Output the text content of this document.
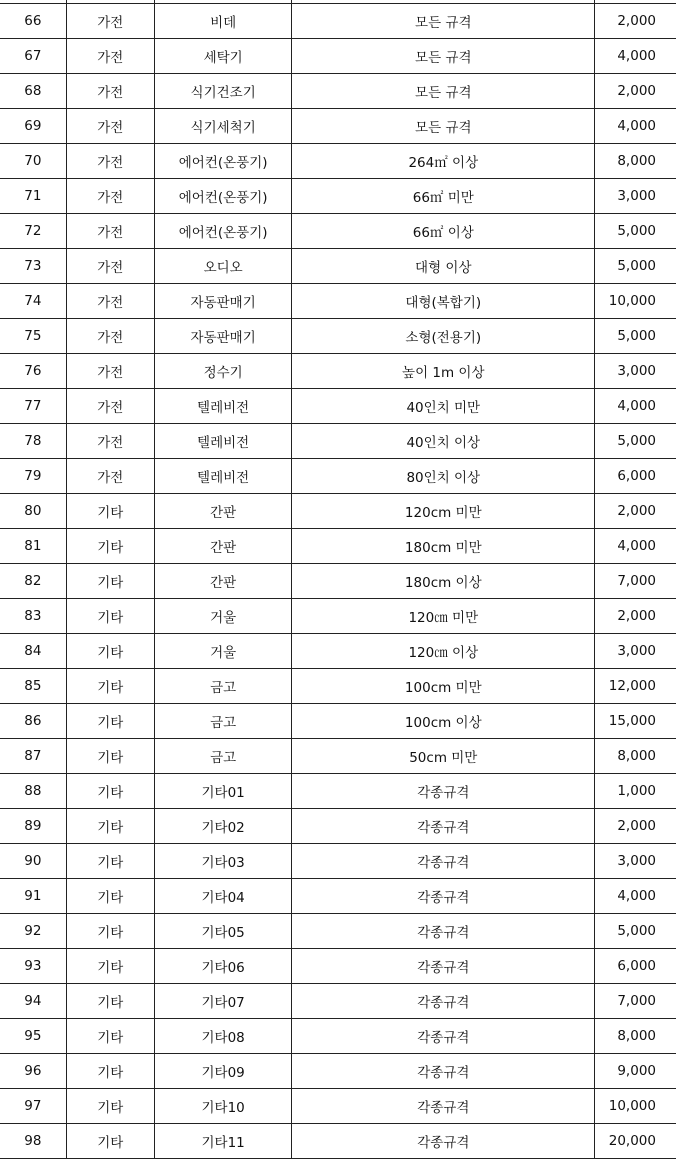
66	가전	비데	모든 규격	2,000
67	가전	세탁기	모든 규격	4,000
68	가전	식기건조기	모든 규격	2,000
69	가전	식기세척기	모든 규격	4,000
70	가전	에어컨(온풍기)	264㎡ 이상	8,000
71	가전	에어컨(온풍기)	66㎡ 미만	3,000
72	가전	에어컨(온풍기)	66㎡ 이상	5,000
73	가전	오디오	대형 이상	5,000
74	가전	자동판매기	대형(복합기)	10,000
75	가전	자동판매기	소형(전용기)	5,000
76	가전	정수기	높이 1m 이상	3,000
77	가전	텔레비전	40인치 미만	4,000
78	가전	텔레비전	40인치 이상	5,000
79	가전	텔레비전	80인치 이상	6,000
80	기타	간판	120cm 미만	2,000
81	기타	간판	180cm 미만	4,000
82	기타	간판	180cm 이상	7,000
83	기타	거울	120㎝ 미만	2,000
84	기타	거울	120㎝ 이상	3,000
85	기타	금고	100cm 미만	12,000
86	기타	금고	100cm 이상	15,000
87	기타	금고	50cm 미만	8,000
88	기타	기타01	각종규격	1,000
89	기타	기타02	각종규격	2,000
90	기타	기타03	각종규격	3,000
91	기타	기타04	각종규격	4,000
92	기타	기타05	각종규격	5,000
93	기타	기타06	각종규격	6,000
94	기타	기타07	각종규격	7,000
95	기타	기타08	각종규격	8,000
96	기타	기타09	각종규격	9,000
97	기타	기타10	각종규격	10,000
98	기타	기타11	각종규격	20,000
